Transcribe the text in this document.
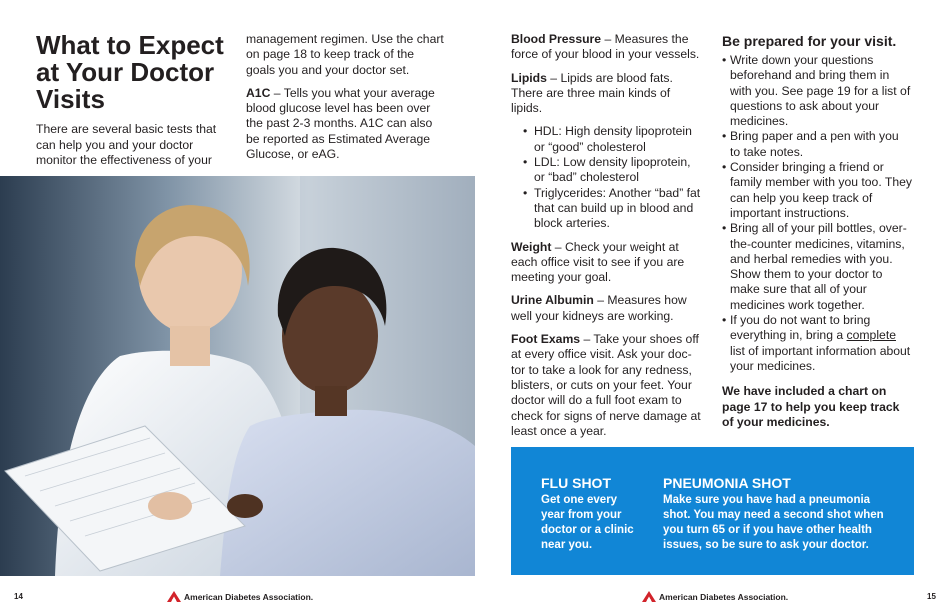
What to Expect at Your Doctor Visits

There are several basic tests that can help you and your doctor monitor the effectiveness of your

management regimen. Use the chart on page 18 to keep track of the goals you and your doctor set.

A1C – Tells you what your average blood glucose level has been over the past 2-3 months. A1C can also be reported as Estimated Average Glucose, or eAG.

14	American Diabetes Association.

Blood Pressure – Measures the force of your blood in your vessels.

Lipids – Lipids are blood fats. There are three main kinds of lipids.

• HDL: High density lipoprotein or “good” cholesterol
• LDL: Low density lipoprotein, or “bad” cholesterol
• Triglycerides: Another “bad” fat that can build up in blood and block arteries.

Weight – Check your weight at each office visit to see if you are meeting your goal.

Urine Albumin – Measures how well your kidneys are working.

Foot Exams – Take your shoes off at every office visit. Ask your doc-tor to take a look for any redness, blisters, or cuts on your feet. Your doctor will do a full foot exam to check for signs of nerve damage at least once a year.

Be prepared for your visit.
• Write down your questions beforehand and bring them in with you. See page 19 for a list of questions to ask about your medicines.
• Bring paper and a pen with you to take notes.
• Consider bringing a friend or family member with you too. They can help you keep track of important instructions.
• Bring all of your pill bottles, over-the-counter medicines, vitamins, and herbal remedies with you. Show them to your doctor to make sure that all of your medicines work together.
• If you do not want to bring everything in, bring a complete list of important information about your medicines.

We have included a chart on page 17 to help you keep track of your medicines.

FLU SHOT

Get one every year from your doctor or a clinic near you.

PNEUMONIA SHOT

Make sure you have had a pneumonia shot. You may need a second shot when you turn 65 or if you have other health issues, so be sure to ask your doctor.

15
American Diabetes Association.
